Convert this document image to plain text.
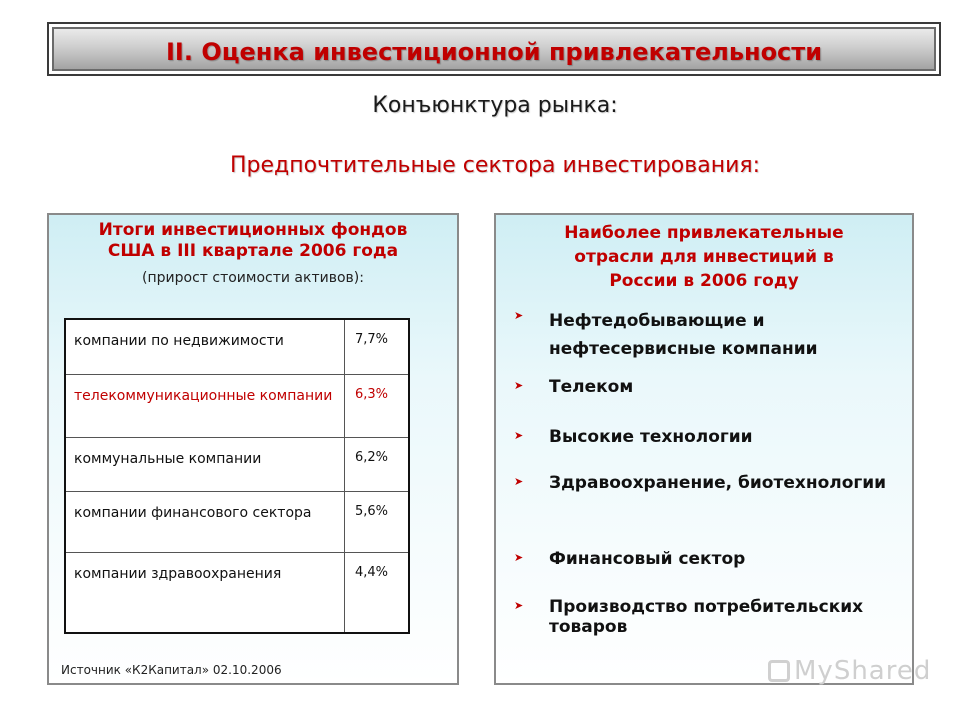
II. Оценка инвестиционной привлекательности
Конъюнктура рынка:
Предпочтительные сектора инвестирования:
Итоги инвестиционных фондов
США в III квартале 2006 года
(прирост стоимости активов):
компании по недвижимости	7,7%
телекоммуникационные компании	6,3%
коммунальные компании	6,2%
компании финансового сектора	5,6%
компании здравоохранения	4,4%
Источник «К2Капитал» 02.10.2006
Наиболее привлекательные
отрасли для инвестиций в
России в 2006 году
➤ Нефтедобывающие и нефтесервисные компании
➤ Телеком
➤ Высокие технологии
➤ Здравоохранение, биотехнологии
➤ Финансовый сектор
➤ Производство потребительских товаров
MyShared
